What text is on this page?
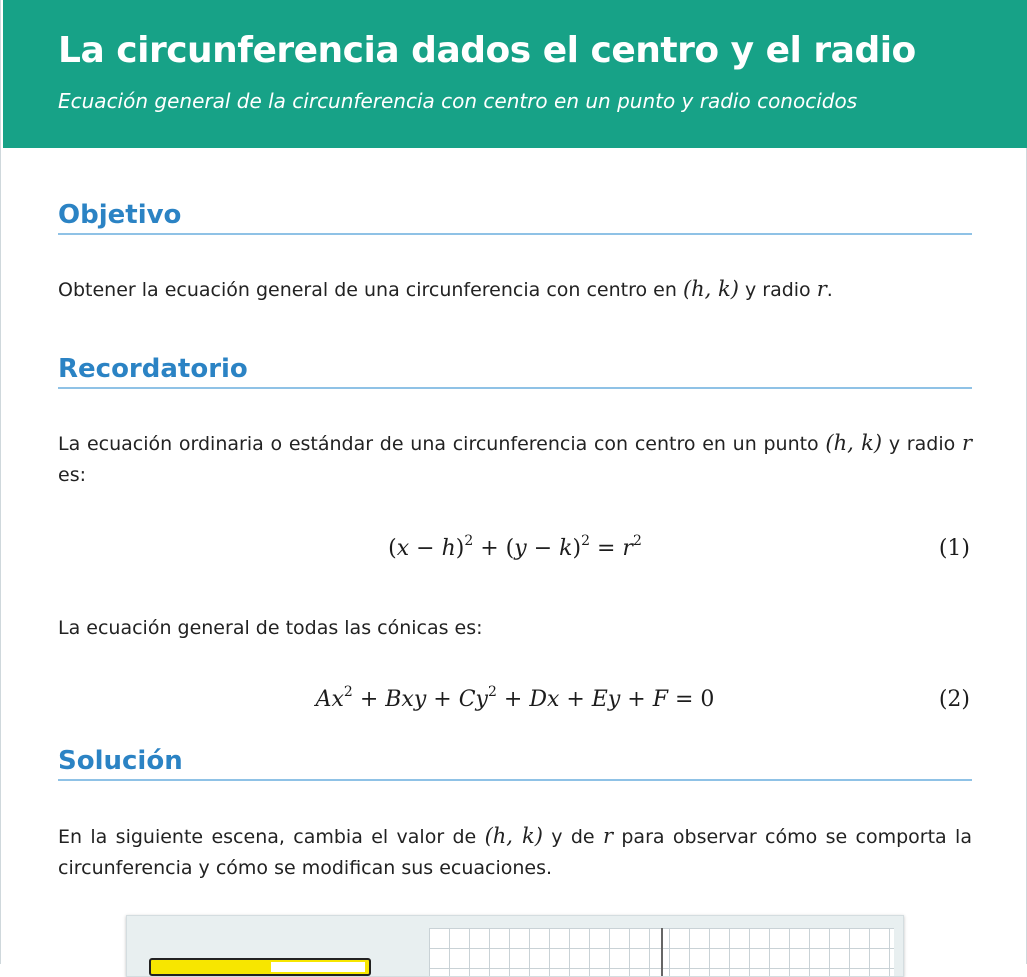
La circunferencia dados el centro y el radio

Ecuación general de la circunferencia con centro en un punto y radio conocidos

Objetivo

Obtener la ecuación general de una circunferencia con centro en (h, k) y radio r.

Recordatorio

La ecuación ordinaria o estándar de una circunferencia con centro en un punto (h, k) y radio r es:

$(x - h)^2 + (y - k)^2 = r^2$	(1)

La ecuación general de todas las cónicas es:

$Ax^2$ + Bxy + $Cy^2 + Dx + Ey + F = 0$	(2)
Solución

En la siguiente escena, cambia el valor de (h, k) y de r para observar cómo se comporta la circunferencia y cómo se modifican sus ecuaciones.
